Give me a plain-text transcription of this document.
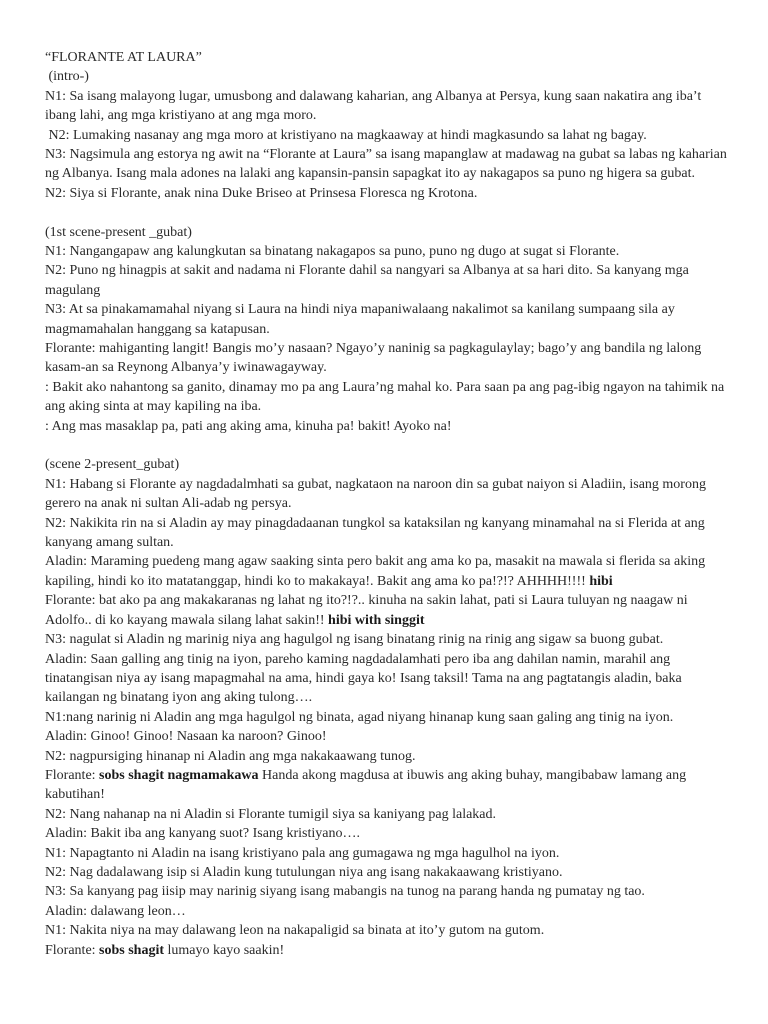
“FLORANTE AT LAURA”
(intro-)
N1: Sa isang malayong lugar, umusbong and dalawang kaharian, ang Albanya at Persya, kung saan nakatira ang iba’t ibang lahi, ang mga kristiyano at ang mga moro.
N2: Lumaking nasanay ang mga moro at kristiyano na magkaaway at hindi magkasundo sa lahat ng bagay.
N3: Nagsimula ang estorya ng awit na “Florante at Laura” sa isang mapanglaw at madawag na gubat sa labas ng kaharian ng Albanya. Isang mala adones na lalaki ang kapansin-pansin sapagkat ito ay nakagapos sa puno ng higera sa gubat.
N2: Siya si Florante, anak nina Duke Briseo at Prinsesa Floresca ng Krotona.
(1st scene-present _gubat)
N1: Nangangapaw ang kalungkutan sa binatang nakagapos sa puno, puno ng dugo at sugat si Florante.
N2: Puno ng hinagpis at sakit and nadama ni Florante dahil sa nangyari sa Albanya at sa hari dito. Sa kanyang mga magulang
N3: At sa pinakamamahal niyang si Laura na hindi niya mapaniwalaang nakalimot sa kanilang sumpaang sila ay magmamahalan hanggang sa katapusan.
Florante: mahiganting langit! Bangis mo’y nasaan? Ngayo’y naninig sa pagkagulaylay; bago’y ang bandila ng lalong kasam-an sa Reynong Albanya’y iwinawagayway.
: Bakit ako nahantong sa ganito, dinamay mo pa ang Laura’ng mahal ko. Para saan pa ang pag-ibig ngayon na tahimik na ang aking sinta at may kapiling na iba.
: Ang mas masaklap pa, pati ang aking ama, kinuha pa! bakit! Ayoko na!
(scene 2-present_gubat)
N1: Habang si Florante ay nagdadalmhati sa gubat, nagkataon na naroon din sa gubat naiyon si Aladiin, isang morong gerero na anak ni sultan Ali-adab ng persya.
N2: Nakikita rin na si Aladin ay may pinagdadaanan tungkol sa kataksilan ng kanyang minamahal na si Flerida at ang kanyang amang sultan.
Aladin: Maraming puedeng mang agaw saaking sinta pero bakit ang ama ko pa, masakit na mawala si flerida sa aking kapiling, hindi ko ito matatanggap, hindi ko to makakaya!. Bakit ang ama ko pa!?!? AHHHH!!!! hibi
Florante: bat ako pa ang makakaranas ng lahat ng ito?!?.. kinuha na sakin lahat, pati si Laura tuluyan ng naagaw ni Adolfo.. di ko kayang mawala silang lahat sakin!! hibi with singgit
N3: nagulat si Aladin ng marinig niya ang hagulgol ng isang binatang rinig na rinig ang sigaw sa buong gubat.
Aladin: Saan galling ang tinig na iyon, pareho kaming nagdadalamhati pero iba ang dahilan namin, marahil ang tinatangisan niya ay isang mapagmahal na ama, hindi gaya ko! Isang taksil! Tama na ang pagtatangis aladin, baka kailangan ng binatang iyon ang aking tulong….
N1:nang narinig ni Aladin ang mga hagulgol ng binata, agad niyang hinanap kung saan galing ang tinig na iyon.
Aladin: Ginoo! Ginoo! Nasaan ka naroon? Ginoo!
N2: nagpursiging hinanap ni Aladin ang mga nakakaawang tunog.
Florante: sobs shagit nagmamakawa Handa akong magdusa at ibuwis ang aking buhay, mangibabaw lamang ang kabutihan!
N2: Nang nahanap na ni Aladin si Florante tumigil siya sa kaniyang pag lalakad.
Aladin: Bakit iba ang kanyang suot? Isang kristiyano….
N1: Napagtanto ni Aladin na isang kristiyano pala ang gumagawa ng mga hagulhol na iyon.
N2: Nag dadalawang isip si Aladin kung tutulungan niya ang isang nakakaawang kristiyano.
N3: Sa kanyang pag iisip may narinig siyang isang mabangis na tunog na parang handa ng pumatay ng tao.
Aladin: dalawang leon…
N1: Nakita niya na may dalawang leon na nakapaligid sa binata at ito’y gutom na gutom.
Florante: sobs shagit lumayo kayo saakin!
